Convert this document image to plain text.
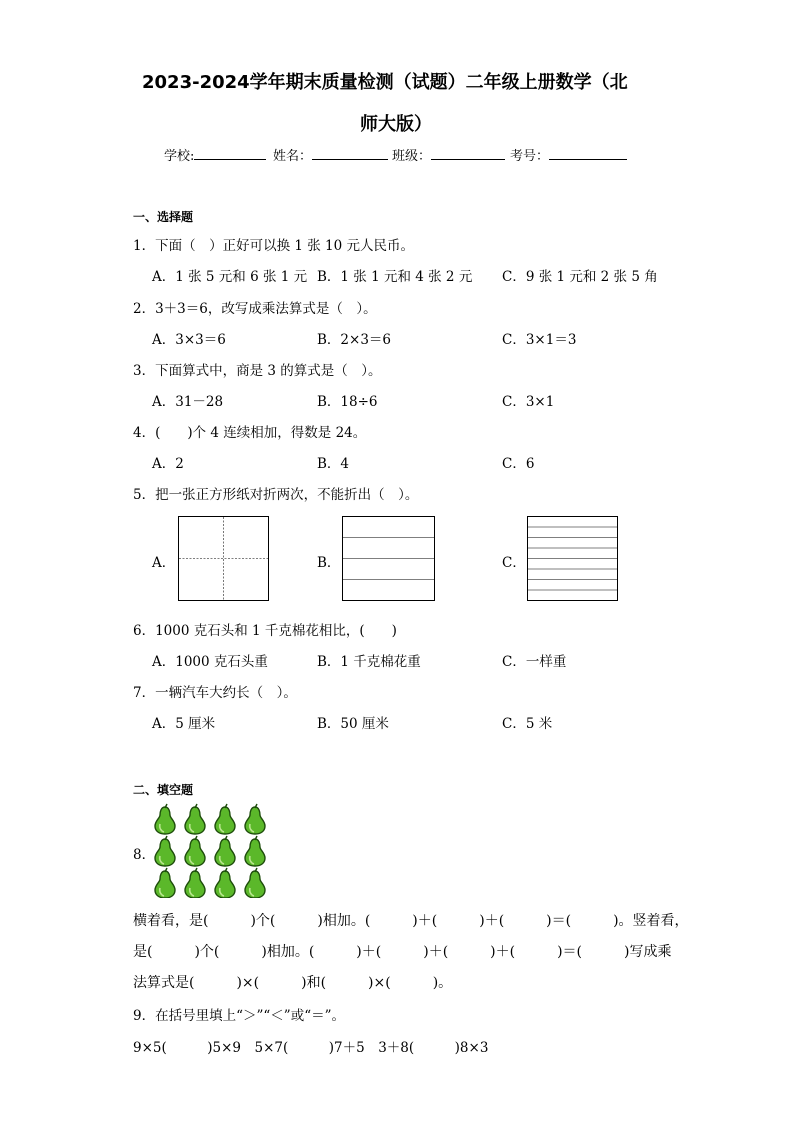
2023-2024学年期末质量检测（试题）二年级上册数学（北
师大版）
学校:	姓名：	班级：	考号：
一、选择题
1．下面（　）正好可以换 1 张 10 元人民币。
A．1 张 5 元和 6 张 1 元 B．1 张 1 元和 4 张 2 元 C．9 张 1 元和 2 张 5 角
2．3＋3＝6，改写成乘法算式是（　）。
A．3×3＝6	B．2×3＝6	C．3×1＝3
3．下面算式中，商是 3 的算式是（　）。
A．31－28	B．18÷6	C．3×1
4．(　　)个 4 连续相加，得数是 24。
A．2	B．4	C．6
5．把一张正方形纸对折两次，不能折出（　）。
A．	B．	C．
6．1000 克石头和 1 千克棉花相比，(　　)
A．1000 克石头重	B．1 千克棉花重	C．一样重
7．一辆汽车大约长（　）。
A．5 厘米	B．50 厘米	C．5 米
二、填空题
8．
横着看，是(　　　)个(　　　)相加。(　　　)＋(　　　)＋(　　　)＝(　　　)。竖着看，
是(　　　)个(　　　)相加。(　　　)＋(　　　)＋(　　　)＋(　　　)＝(　　　)写成乘
法算式是(　　　)×(　　　)和(　　　)×(　　　)。
9．在括号里填上“＞”“＜”或“＝”。
9×5(　　　)5×9　5×7(　　　)7＋5　3＋8(　　　)8×3
